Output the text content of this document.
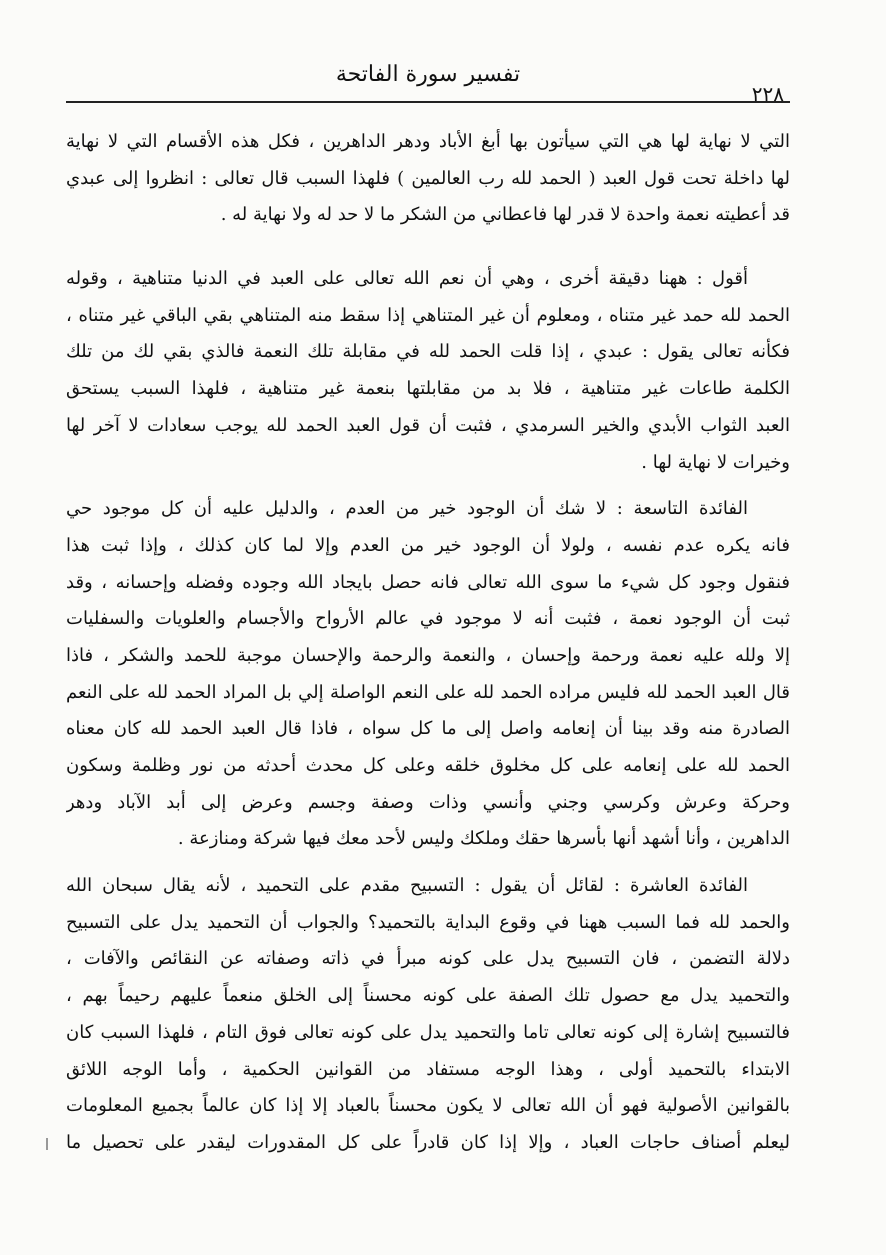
تفسير سورة الفاتحة
٢٢٨
التي لا نهاية لها هي التي سيأتون بها أبغ الأباد ودهر الداهرين ، فكل هذه الأقسام التي لا نهاية
لها داخلة تحت قول العبد ( الحمد لله رب العالمين ) فلهذا السبب قال تعالى : انظروا إلى عبدي
قد أعطيته نعمة واحدة لا قدر لها فاعطاني من الشكر ما لا حد له ولا نهاية له .
أقول : ههنا دقيقة أخرى ، وهي أن نعم الله تعالى على العبد في الدنيا متناهية ، وقوله
الحمد لله حمد غير متناه ، ومعلوم أن غير المتناهي إذا سقط منه المتناهي بقي الباقي غير متناه ،
فكأنه تعالى يقول : عبدي ، إذا قلت الحمد لله في مقابلة تلك النعمة فالذي بقي لك من تلك
الكلمة طاعات غير متناهية ، فلا بد من مقابلتها بنعمة غير متناهية ، فلهذا السبب يستحق
العبد الثواب الأبدي والخير السرمدي ، فثبت أن قول العبد الحمد لله يوجب سعادات لا آخر لها
وخيرات لا نهاية لها .
الفائدة التاسعة : لا شك أن الوجود خير من العدم ، والدليل عليه أن كل موجود حي
فانه يكره عدم نفسه ، ولولا أن الوجود خير من العدم وإلا لما كان كذلك ، وإذا ثبت هذا
فنقول وجود كل شيء ما سوى الله تعالى فانه حصل بايجاد الله وجوده وفضله وإحسانه ، وقد
ثبت أن الوجود نعمة ، فثبت أنه لا موجود في عالم الأرواح والأجسام والعلويات والسفليات
إلا ولله عليه نعمة ورحمة وإحسان ، والنعمة والرحمة والإحسان موجبة للحمد والشكر ، فاذا
قال العبد الحمد لله فليس مراده الحمد لله على النعم الواصلة إلي بل المراد الحمد لله على النعم
الصادرة منه وقد بينا أن إنعامه واصل إلى ما كل سواه ، فاذا قال العبد الحمد لله كان معناه
الحمد لله على إنعامه على كل مخلوق خلقه وعلى كل محدث أحدثه من نور وظلمة وسكون
وحركة وعرش وكرسي وجني وأنسي وذات وصفة وجسم وعرض إلى أبد الآباد ودهر
الداهرين ، وأنا أشهد أنها بأسرها حقك وملكك وليس لأحد معك فيها شركة ومنازعة .
الفائدة العاشرة : لقائل أن يقول : التسبيح مقدم على التحميد ، لأنه يقال سبحان الله
والحمد لله فما السبب ههنا في وقوع البداية بالتحميد؟ والجواب أن التحميد يدل على التسبيح
دلالة التضمن ، فان التسبيح يدل على كونه مبرأ في ذاته وصفاته عن النقائص والآفات ،
والتحميد يدل مع حصول تلك الصفة على كونه محسناً إلى الخلق منعماً عليهم رحيماً بهم ،
فالتسبيح إشارة إلى كونه تعالى تاما والتحميد يدل على كونه تعالى فوق التام ، فلهذا السبب كان
الابتداء بالتحميد أولى ، وهذا الوجه مستفاد من القوانين الحكمية ، وأما الوجه اللائق
بالقوانين الأصولية فهو أن الله تعالى لا يكون محسناً بالعباد إلا إذا كان عالماً بجميع المعلومات
ليعلم أصناف حاجات العباد ، وإلا إذا كان قادراً على كل المقدورات ليقدر على تحصيل ما
